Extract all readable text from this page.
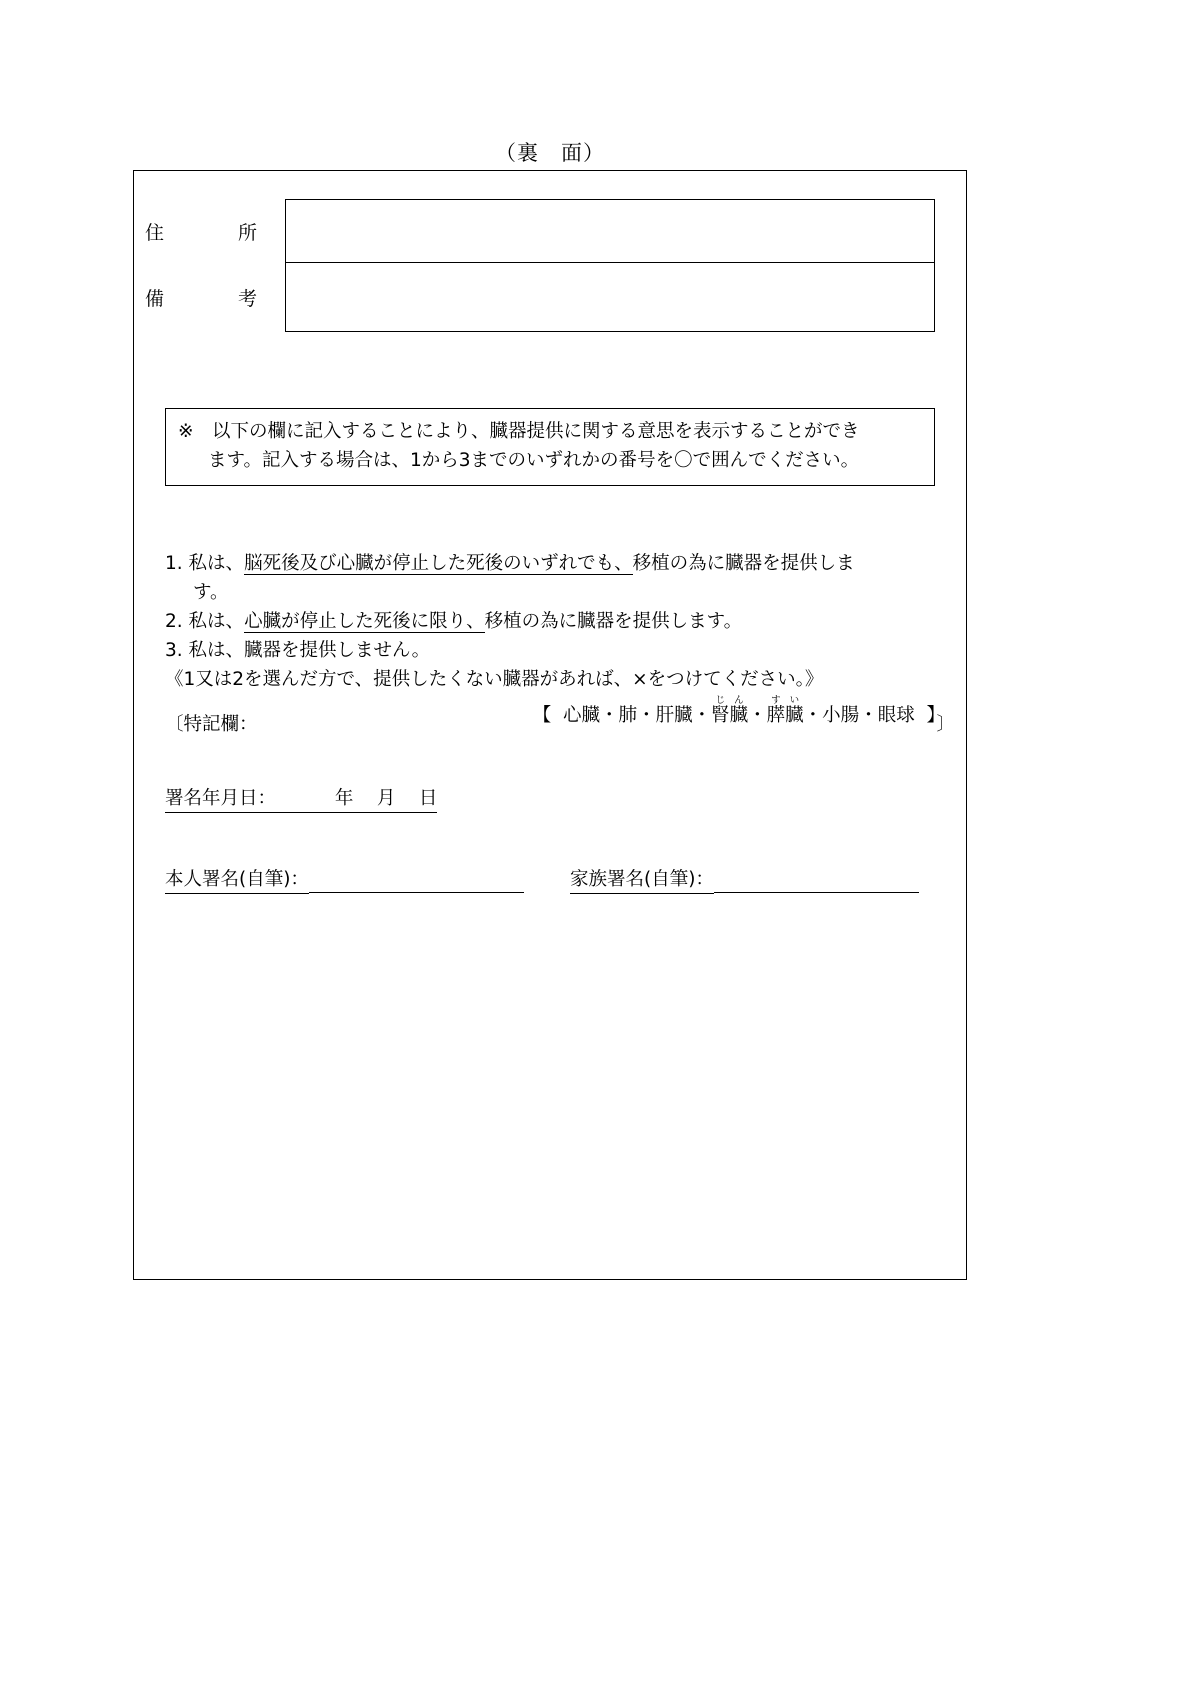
（裏　面）
住 所	

備 考	

※　以下の欄に記入することにより、臓器提供に関する意思を表示することができ
ます。記入する場合は、1から3までのいずれかの番号を〇で囲んでください。
1. 私は、脳死後及び心臓が停止した死後のいずれでも、移植の為に臓器を提供しま
す。
2. 私は、心臓が停止した死後に限り、移植の為に臓器を提供します。
3. 私は、臓器を提供しません。
《1又は2を選んだ方で、提供したくない臓器があれば、×をつけてください。》
【 心臓・肺・肝臓・腎臓じん・膵臓すい・小腸・眼球 】
〔特記欄：	〕
署名年月日：	年 月 日
本人署名(自筆)：	家族署名(自筆)：
